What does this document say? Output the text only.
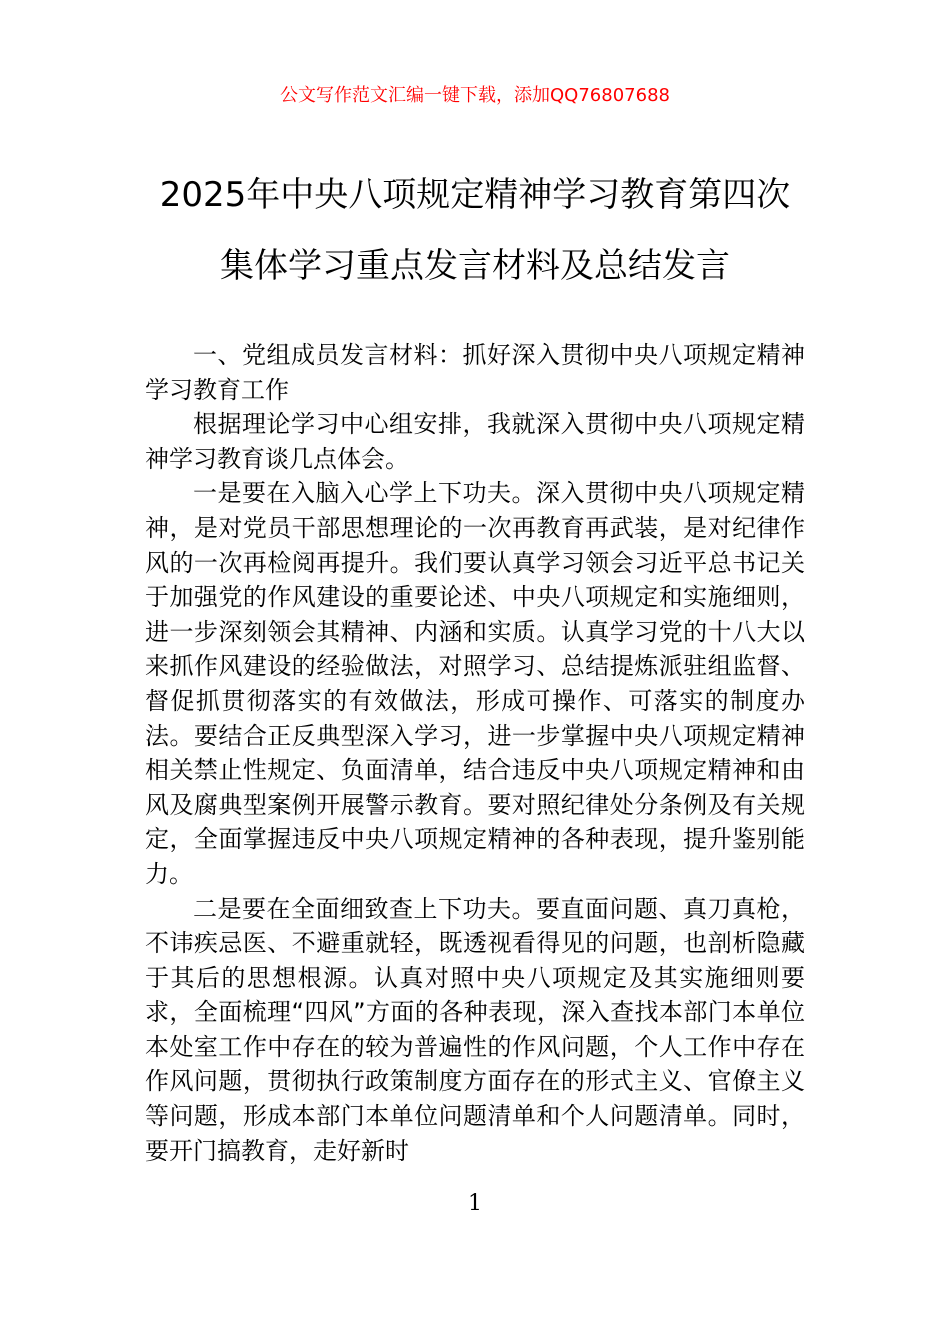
公文写作范文汇编一键下载，添加QQ76807688
2025年中央八项规定精神学习教育第四次
集体学习重点发言材料及总结发言

一、党组成员发言材料：抓好深入贯彻中央八项规定精神学习教育工作

根据理论学习中心组安排，我就深入贯彻中央八项规定精神学习教育谈几点体会。

一是要在入脑入心学上下功夫。深入贯彻中央八项规定精神，是对党员干部思想理论的一次再教育再武装，是对纪律作风的一次再检阅再提升。我们要认真学习领会习近平总书记关于加强党的作风建设的重要论述、中央八项规定和实施细则，进一步深刻领会其精神、内涵和实质。认真学习党的十八大以来抓作风建设的经验做法，对照学习、总结提炼派驻组监督、督促抓贯彻落实的有效做法，形成可操作、可落实的制度办法。要结合正反典型深入学习，进一步掌握中央八项规定精神相关禁止性规定、负面清单，结合违反中央八项规定精神和由风及腐典型案例开展警示教育。要对照纪律处分条例及有关规定，全面掌握违反中央八项规定精神的各种表现，提升鉴别能力。

二是要在全面细致查上下功夫。要直面问题、真刀真枪，不讳疾忌医、不避重就轻，既透视看得见的问题，也剖析隐藏于其后的思想根源。认真对照中央八项规定及其实施细则要求，全面梳理“四风”方面的各种表现，深入查找本部门本单位本处室工作中存在的较为普遍性的作风问题，个人工作中存在作风问题，贯彻执行政策制度方面存在的形式主义、官僚主义等问题，形成本部门本单位问题清单和个人问题清单。同时，要开门搞教育，走好新时

1
